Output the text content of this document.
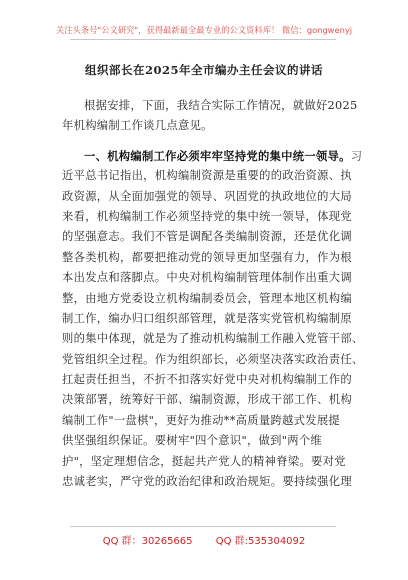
关注头条号"公文研究"，获得最新最全最专业的公文资料库！ 微信：gongwenyj
组织部长在2025年全市编办主任会议的讲话
根据安排，下面，我结合实际工作情况，就做好2025
年机构编制工作谈几点意见。
一、机构编制工作必须牢牢坚持党的集中统一领导。习
近平总书记指出，机构编制资源是重要的的政治资源、执
政资源，从全面加强党的领导、巩固党的执政地位的大局
来看，机构编制工作必须坚持党的集中统一领导，体现党
的坚强意志。我们不管是调配各类编制资源，还是优化调
整各类机构，都要把推动党的领导更加坚强有力，作为根
本出发点和落脚点。中央对机构编制管理体制作出重大调
整，由地方党委设立机构编制委员会，管理本地区机构编
制工作，编办归口组织部管理，就是落实党管机构编制原
则的集中体现，就是为了推动机构编制工作融入党管干部、
党管组织全过程。作为组织部长，必须坚决落实政治责任、
扛起责任担当，不折不扣落实好党中央对机构编制工作的
决策部署，统筹好干部、编制资源，形成干部工作、机构
编制工作"一盘棋"，更好为推动**高质量跨越式发展提
供坚强组织保证。要树牢"四个意识"，做到"两个维
护"，坚定理想信念，挺起共产党人的精神脊梁。要对党
忠诚老实，严守党的政治纪律和政治规矩。要持续强化理
QQ 群：30265665 QQ 群:535304092
